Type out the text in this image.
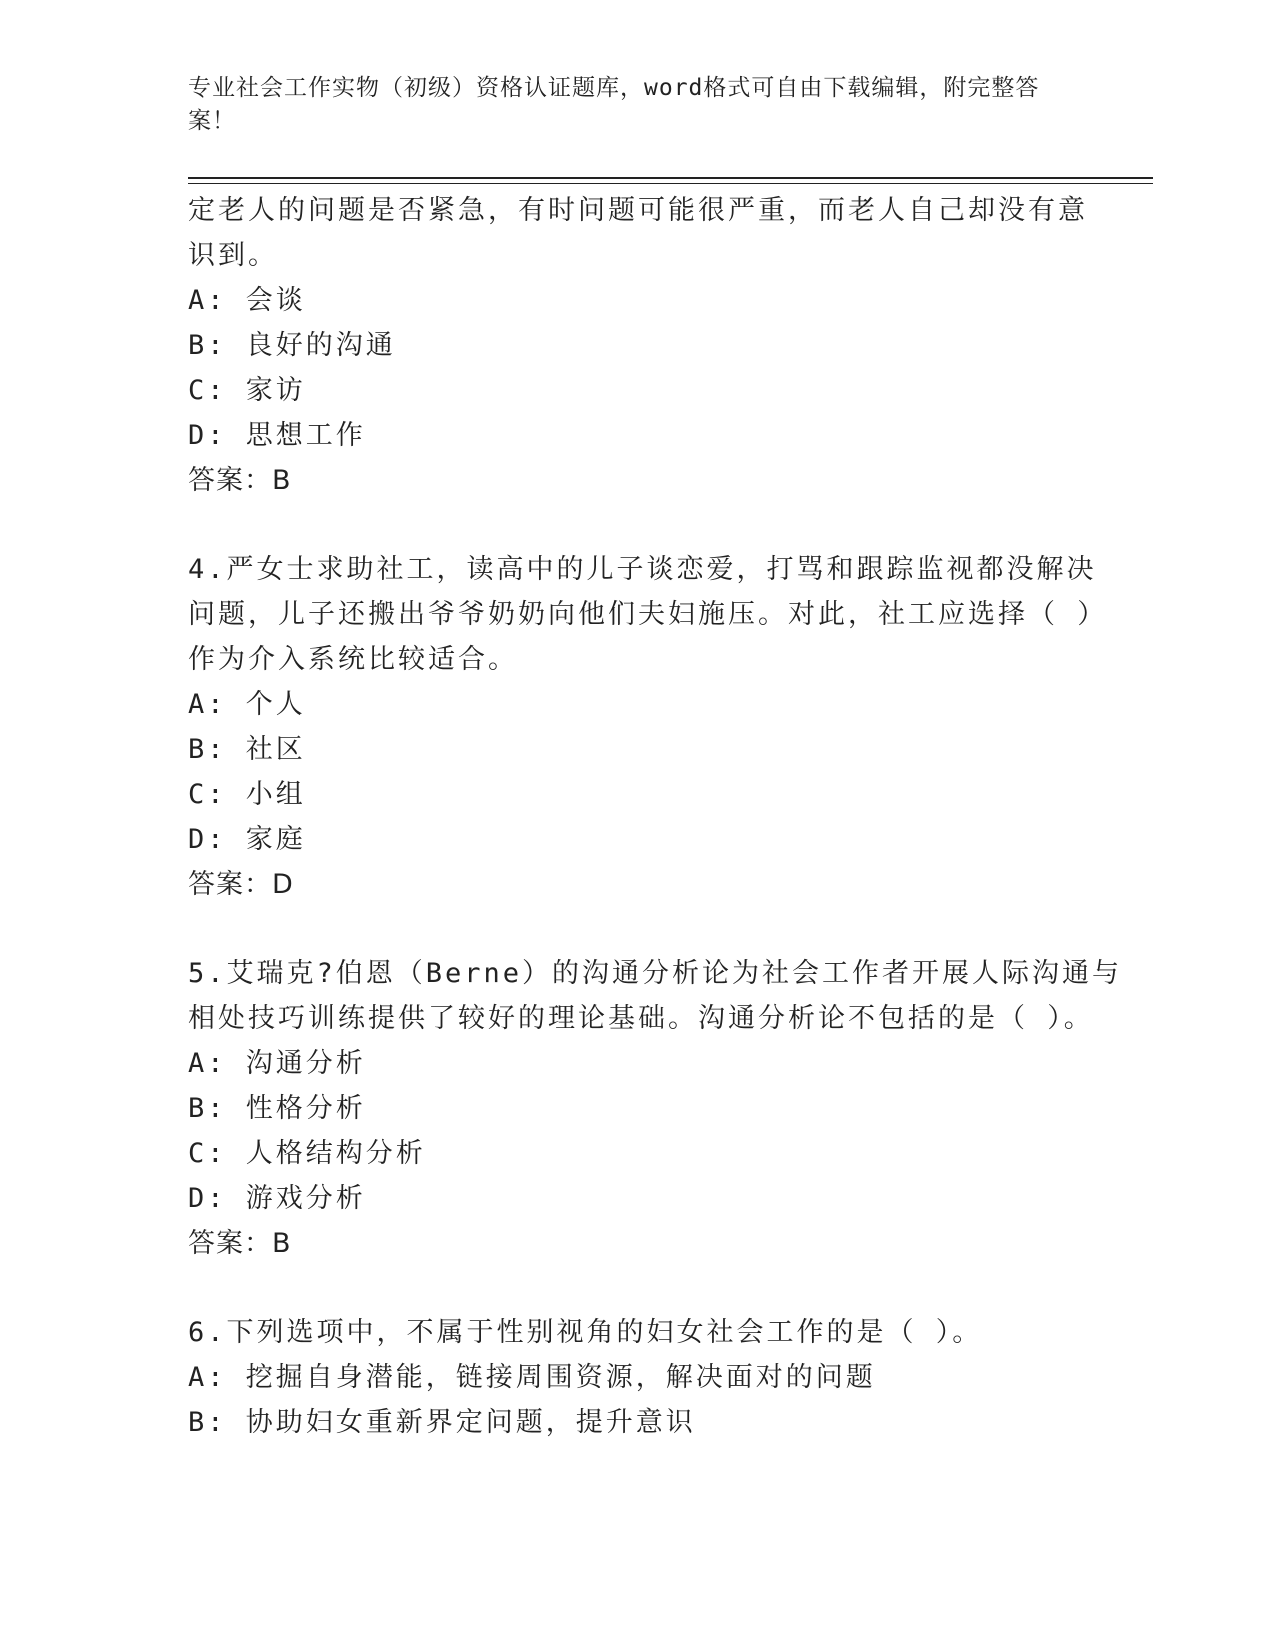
专业社会工作实物（初级）资格认证题库，word格式可自由下载编辑，附完整答
案！
定老人的问题是否紧急，有时问题可能很严重，而老人自己却没有意
识到。
A: 会谈
B: 良好的沟通
C: 家访
D: 思想工作
答案：B
4.严女士求助社工，读高中的儿子谈恋爱，打骂和跟踪监视都没解决
问题，儿子还搬出爷爷奶奶向他们夫妇施压。对此，社工应选择（ ）
作为介入系统比较适合。
A: 个人
B: 社区
C: 小组
D: 家庭
答案：D
5.艾瑞克?伯恩（Berne）的沟通分析论为社会工作者开展人际沟通与
相处技巧训练提供了较好的理论基础。沟通分析论不包括的是（ ）。
A: 沟通分析
B: 性格分析
C: 人格结构分析
D: 游戏分析
答案：B
6.下列选项中，不属于性别视角的妇女社会工作的是（ ）。
A: 挖掘自身潜能，链接周围资源，解决面对的问题
B: 协助妇女重新界定问题，提升意识
